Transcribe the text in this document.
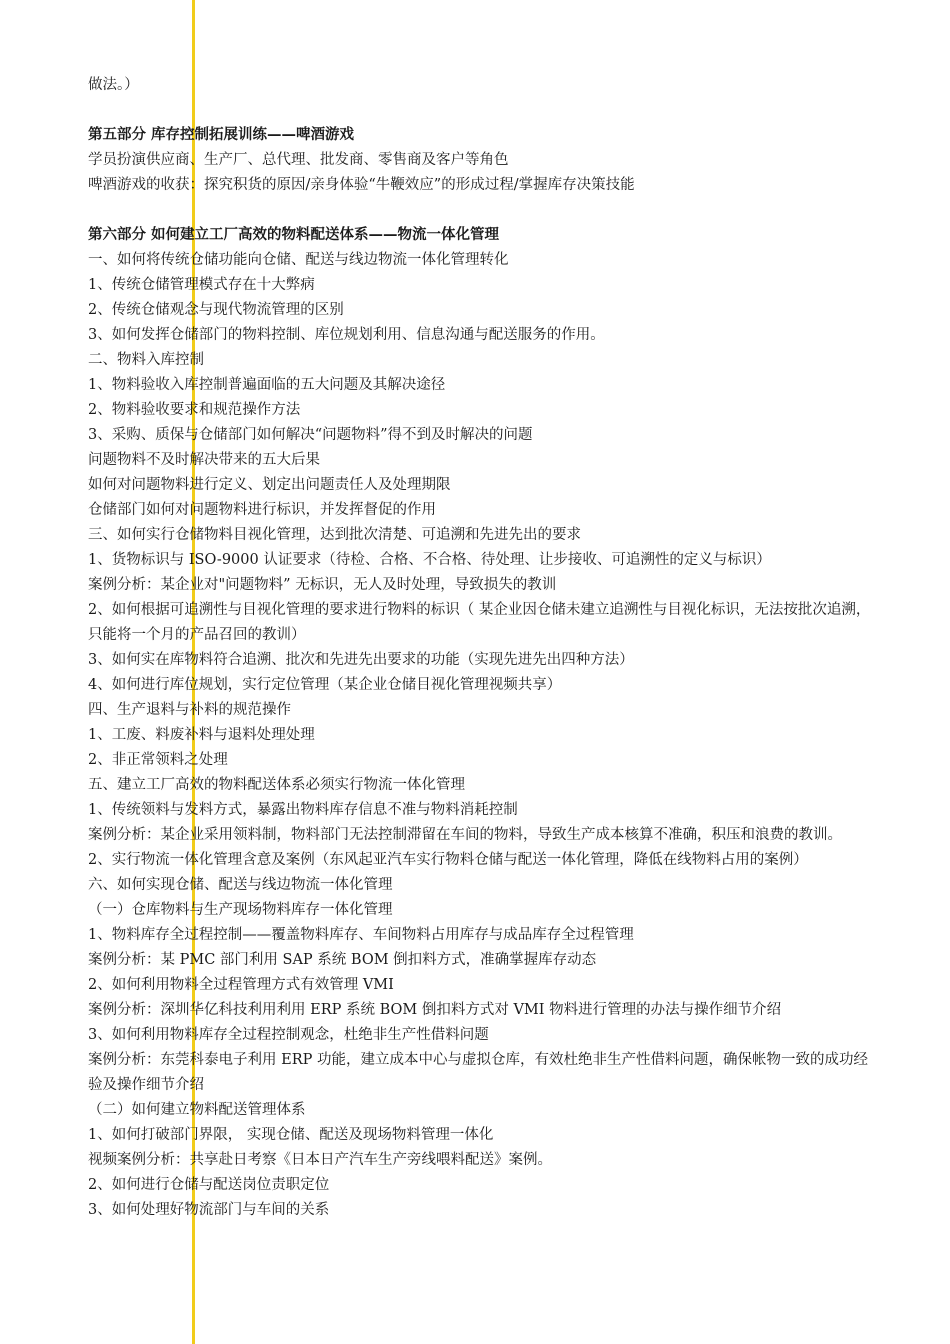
做法。）
第五部分 库存控制拓展训练——啤酒游戏
学员扮演供应商、生产厂、总代理、批发商、零售商及客户等角色
啤酒游戏的收获：探究积货的原因/亲身体验“牛鞭效应”的形成过程/掌握库存决策技能
第六部分 如何建立工厂高效的物料配送体系——物流一体化管理
一、如何将传统仓储功能向仓储、配送与线边物流一体化管理转化
1、传统仓储管理模式存在十大弊病
2、传统仓储观念与现代物流管理的区别
3、如何发挥仓储部门的物料控制、库位规划利用、信息沟通与配送服务的作用。
二、物料入库控制
1、物料验收入库控制普遍面临的五大问题及其解决途径
2、物料验收要求和规范操作方法
3、采购、质保与仓储部门如何解决“问题物料”得不到及时解决的问题
问题物料不及时解决带来的五大后果
如何对问题物料进行定义、划定出问题责任人及处理期限
仓储部门如何对问题物料进行标识，并发挥督促的作用
三、如何实行仓储物料目视化管理，达到批次清楚、可追溯和先进先出的要求
1、货物标识与 ISO-9000 认证要求（待检、合格、不合格、待处理、让步接收、可追溯性的定义与标识）
案例分析：某企业对"问题物料” 无标识，无人及时处理，导致损失的教训
2、如何根据可追溯性与目视化管理的要求进行物料的标识（ 某企业因仓储未建立追溯性与目视化标识，无法按批次追溯，只能将一个月的产品召回的教训）
3、如何实在库物料符合追溯、批次和先进先出要求的功能（实现先进先出四种方法）
4、如何进行库位规划，实行定位管理（某企业仓储目视化管理视频共享）
四、生产退料与补料的规范操作
1、工废、料废补料与退料处理处理
2、非正常领料之处理
五、建立工厂高效的物料配送体系必须实行物流一体化管理
1、传统领料与发料方式，暴露出物料库存信息不准与物料消耗控制
案例分析：某企业采用领料制，物料部门无法控制滞留在车间的物料，导致生产成本核算不准确，积压和浪费的教训。
2、实行物流一体化管理含意及案例（东风起亚汽车实行物料仓储与配送一体化管理，降低在线物料占用的案例）
六、如何实现仓储、配送与线边物流一体化管理
（一）仓库物料与生产现场物料库存一体化管理
1、物料库存全过程控制——覆盖物料库存、车间物料占用库存与成品库存全过程管理
案例分析：某 PMC 部门利用 SAP 系统 BOM 倒扣料方式，准确掌握库存动态
2、如何利用物料全过程管理方式有效管理 VMI
案例分析：深圳华亿科技利用利用 ERP 系统 BOM 倒扣料方式对 VMI 物料进行管理的办法与操作细节介绍
3、如何利用物料库存全过程控制观念，杜绝非生产性借料问题
案例分析：东莞科泰电子利用 ERP 功能，建立成本中心与虚拟仓库，有效杜绝非生产性借料问题，确保帐物一致的成功经验及操作细节介绍
（二）如何建立物料配送管理体系
1、如何打破部门界限， 实现仓储、配送及现场物料管理一体化
视频案例分析：共享赴日考察《日本日产汽车生产旁线喂料配送》案例。
2、如何进行仓储与配送岗位责职定位
3、如何处理好物流部门与车间的关系
